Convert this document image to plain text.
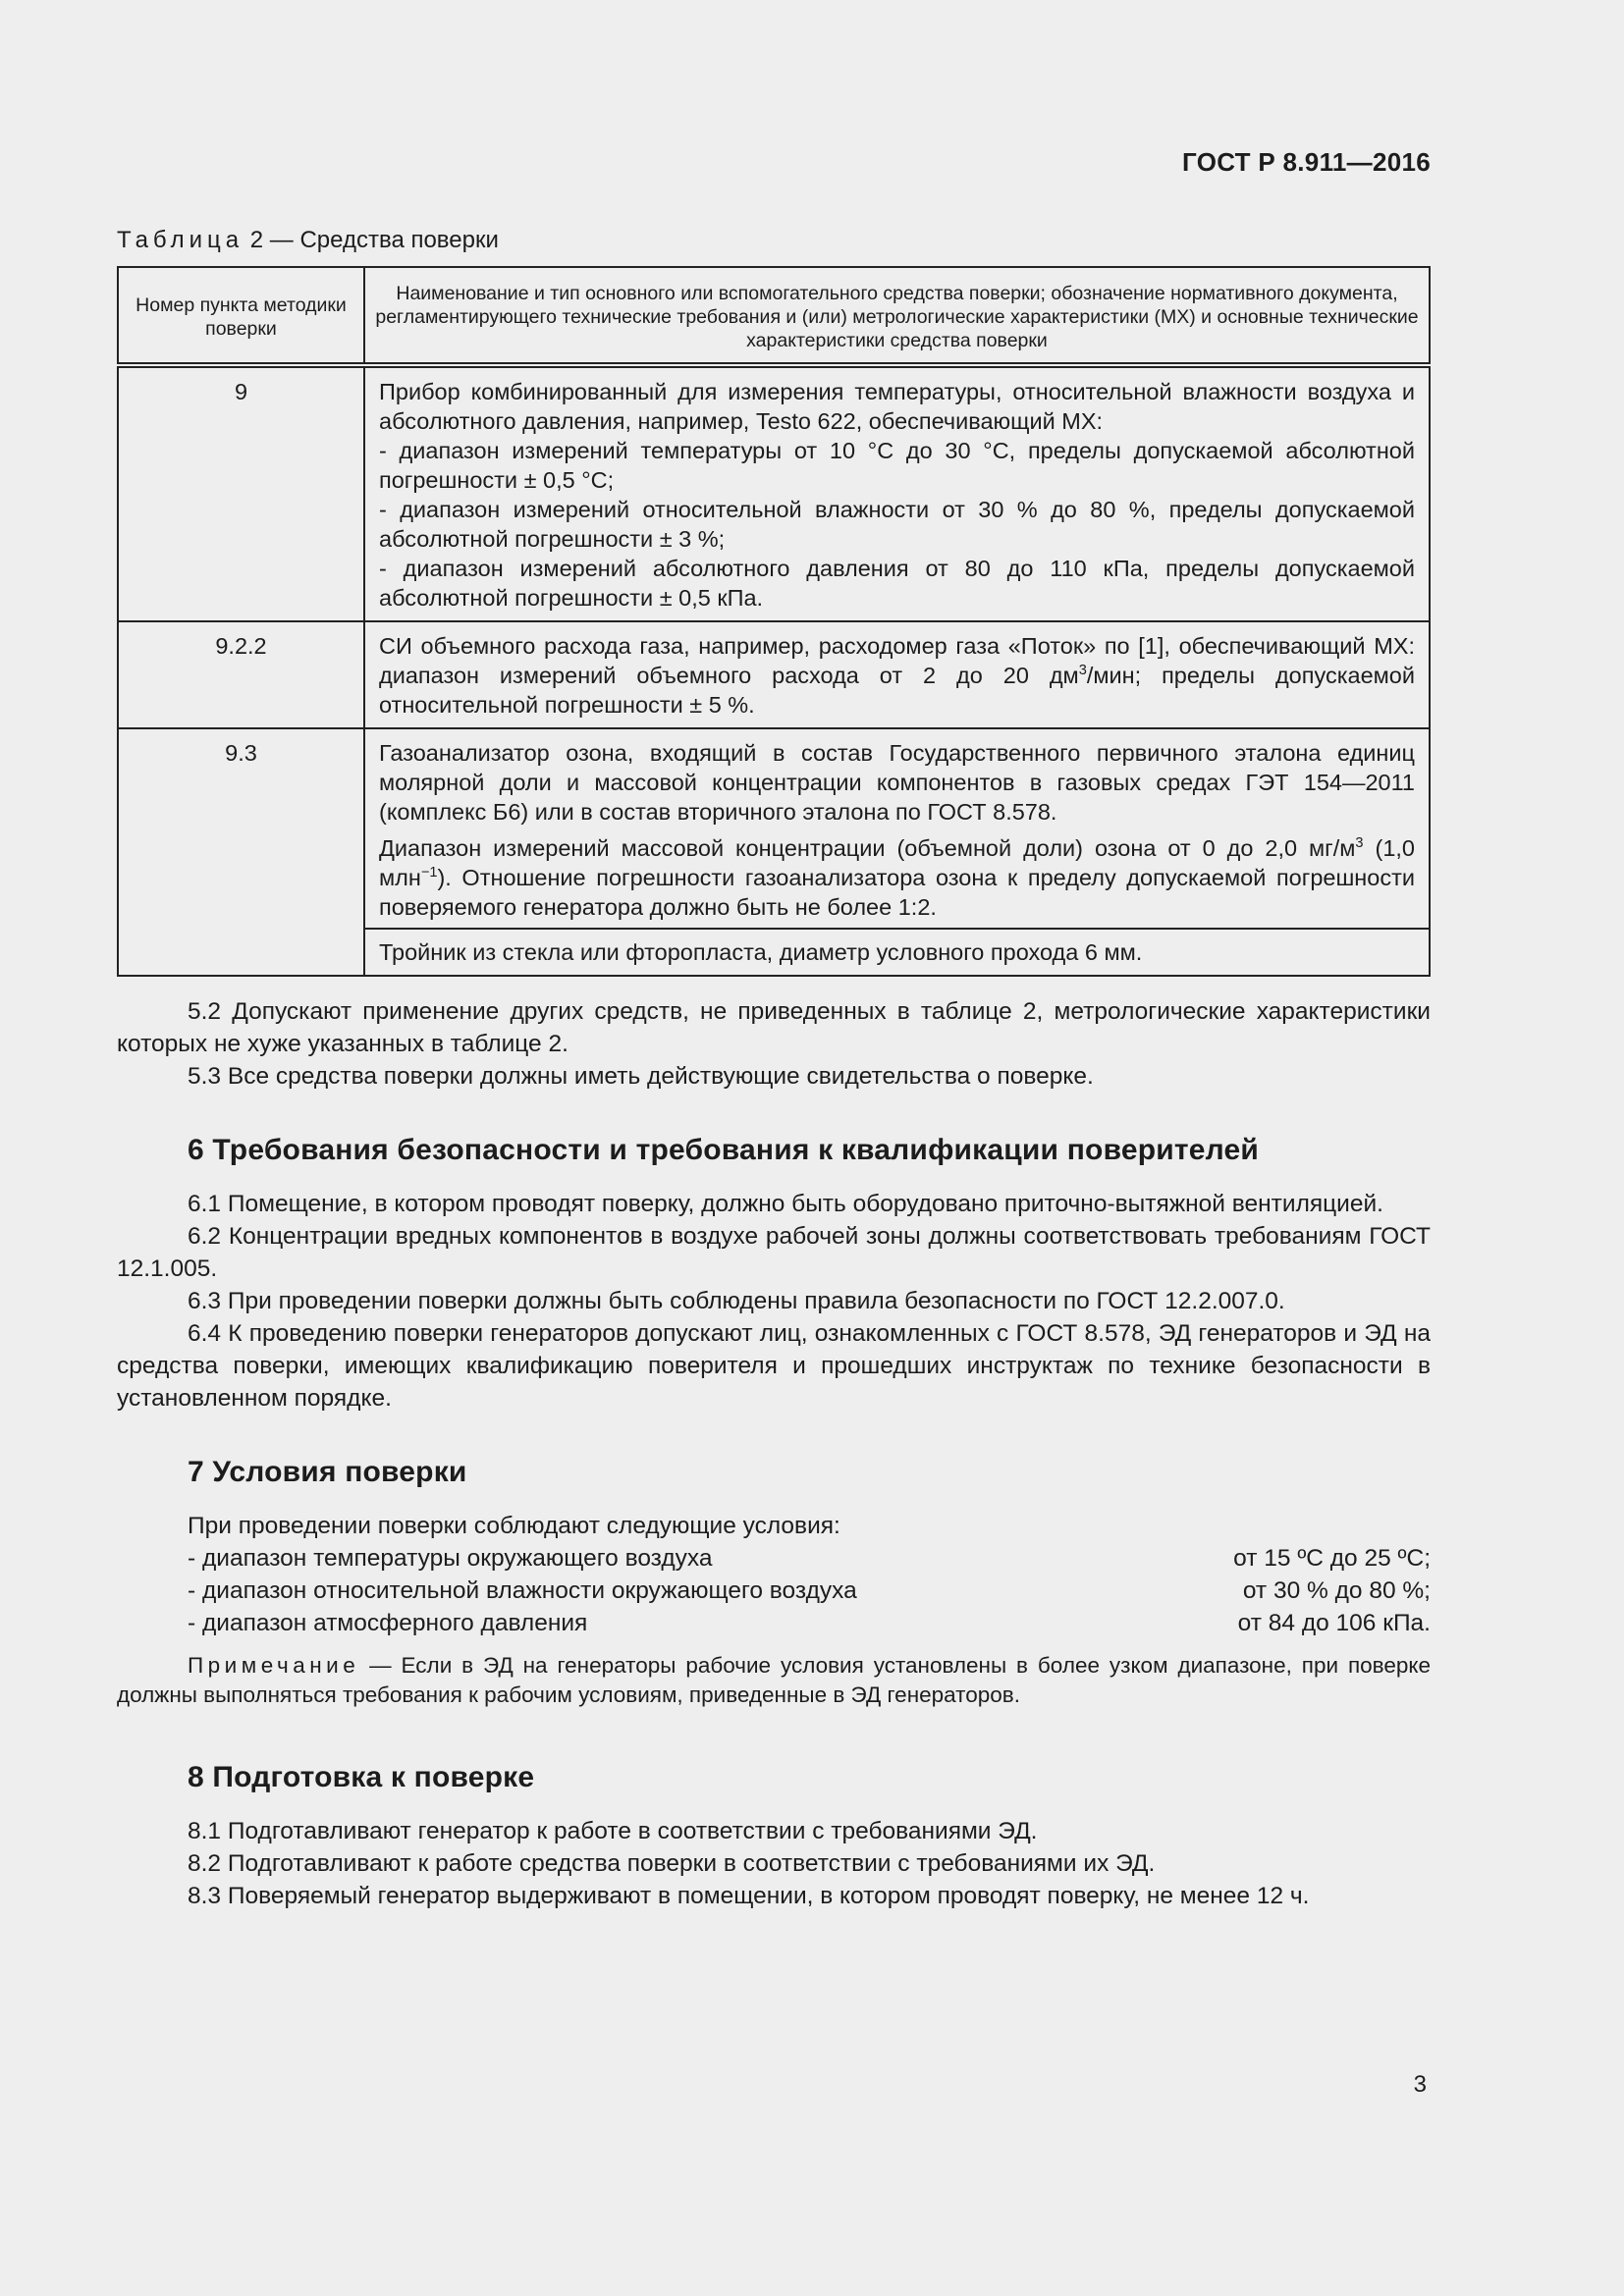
ГОСТ Р 8.911—2016
Таблица 2 — Средства поверки
Номер пункта методики поверки	Наименование и тип основного или вспомогательного средства поверки; обозначение нормативного документа, регламентирующего технические требования и (или) метрологические характеристики (МХ) и основные технические характеристики средства поверки
9	Прибор комбинированный для измерения температуры, относительной влажности воздуха и абсолютного давления, например, Testo 622, обеспечивающий МХ:
- диапазон измерений температуры от 10 °C до 30 °C, пределы допускаемой абсолютной погрешности ± 0,5 °C;
- диапазон измерений относительной влажности от 30 % до 80 %, пределы допускаемой абсолютной погрешности ± 3 %;
- диапазон измерений абсолютного давления от 80 до 110 кПа, пределы допускаемой абсолютной погрешности ± 0,5 кПа.

9.2.2	СИ объемного расхода газа, например, расходомер газа «Поток» по [1], обеспечивающий МХ: диапазон измерений объемного расхода от 2 до 20 $дм^3$/мин; пределы допускаемой относительной погрешности ± 5 %.

9.3	Газоанализатор озона, входящий в состав Государственного первичного эталона единиц молярной доли и массовой концентрации компонентов в газовых средах ГЭТ 154—2011 (комплекс Б6) или в состав вторичного эталона по ГОСТ 8.578.
Диапазон измерений массовой концентрации (объемной доли) озона от 0 до 2,0 $мг/м^3$ (1,0 млн$^{-1}$). Отношение погрешности газоанализатора озона к пределу допускаемой погрешности поверяемого генератора должно быть не более 1:2.

	Тройник из стекла или фторопласта, диаметр условного прохода 6 мм.

5.2 Допускают применение других средств, не приведенных в таблице 2, метрологические характеристики которых не хуже указанных в таблице 2.

5.3 Все средства поверки должны иметь действующие свидетельства о поверке.

6 Требования безопасности и требования к квалификации поверителей

6.1 Помещение, в котором проводят поверку, должно быть оборудовано приточно-вытяжной вентиляцией.

6.2 Концентрации вредных компонентов в воздухе рабочей зоны должны соответствовать требованиям ГОСТ 12.1.005.

6.3 При проведении поверки должны быть соблюдены правила безопасности по ГОСТ 12.2.007.0.

6.4 К проведению поверки генераторов допускают лиц, ознакомленных с ГОСТ 8.578, ЭД генераторов и ЭД на средства поверки, имеющих квалификацию поверителя и прошедших инструктаж по технике безопасности в установленном порядке.

7 Условия поверки

При проведении поверки соблюдают следующие условия:

- диапазон температуры окружающего воздуха	от 15 ºС до 25 ºС;
- диапазон относительной влажности окружающего воздуха	от 30 % до 80 %;
- диапазон атмосферного давления	от 84 до 106 кПа.

Примечание — Если в ЭД на генераторы рабочие условия установлены в более узком диапазоне, при поверке должны выполняться требования к рабочим условиям, приведенные в ЭД генераторов.

8 Подготовка к поверке

8.1 Подготавливают генератор к работе в соответствии с требованиями ЭД.

8.2 Подготавливают к работе средства поверки в соответствии с требованиями их ЭД.

8.3 Поверяемый генератор выдерживают в помещении, в котором проводят поверку, не менее 12 ч.

3
